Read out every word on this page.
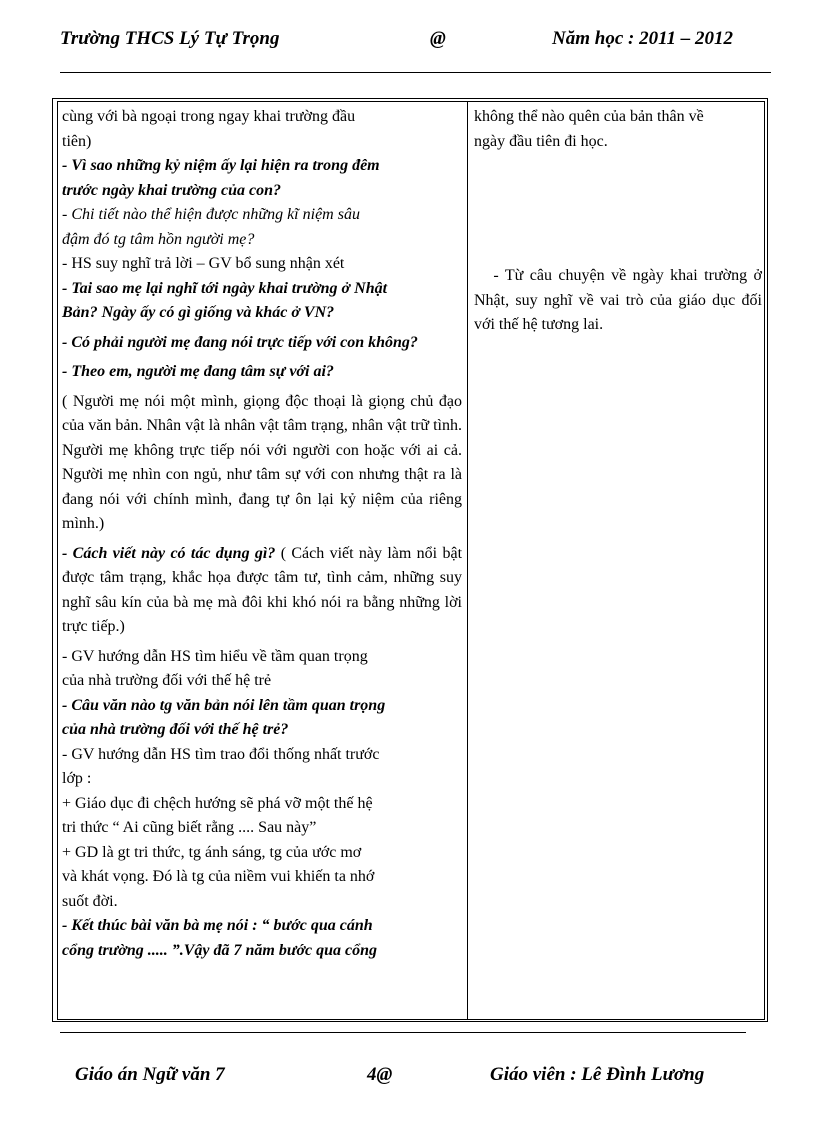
Trường THCS Lý Tự Trọng	@	Năm học : 2011 – 2012

cùng với bà ngoại trong ngay khai trường đầu

tiên)

- Vì sao những kỷ niệm ấy lại hiện ra trong đêm

trước ngày khai trường của con?

- Chi tiết nào thể hiện được những kĩ niệm sâu

đậm đó tg tâm hồn người mẹ?

- HS suy nghĩ trả lời – GV bổ sung nhận xét

- Tai sao mẹ lại nghĩ tới ngày khai trường ở Nhật

Bản? Ngày ấy có gì giống và khác ở VN?

- Có phải người mẹ đang nói trực tiếp với con không?

- Theo em, người mẹ đang tâm sự với ai?

( Người mẹ nói một mình, giọng độc thoại là giọng chủ đạo của văn bản. Nhân vật là nhân vật tâm trạng, nhân vật trữ tình. Người mẹ không trực tiếp nói với người con hoặc với ai cả. Người mẹ nhìn con ngủ, như tâm sự với con nhưng thật ra là đang nói với chính mình, đang tự ôn lại kỷ niệm của riêng mình.)

- Cách viết này có tác dụng gì? ( Cách viết này làm nổi bật được tâm trạng, khắc họa được tâm tư, tình cảm, những suy nghĩ sâu kín của bà mẹ mà đôi khi khó nói ra bằng những lời trực tiếp.)

- GV hướng dẫn HS tìm hiểu về tầm quan trọng

của nhà trường đối với thế hệ trẻ

- Câu văn nào tg văn bản nói lên tầm quan trọng

của nhà trường đối với thế hệ trẻ?

- GV hướng dẫn HS tìm trao đổi thống nhất trước

lớp :

+ Giáo dục đi chệch hướng sẽ phá vỡ một thế hệ

tri thức “ Ai cũng biết rằng .... Sau này”

+ GD là gt tri thức, tg ánh sáng, tg của ước mơ

và khát vọng. Đó là tg của niềm vui khiến ta nhớ

suốt đời.

- Kết thúc bài văn bà mẹ nói : “ bước qua cánh

cổng trường ..... ”.Vậy đã 7 năm bước qua cổng

không thể nào quên của bản thân về

ngày đầu tiên đi học.

- Từ câu chuyện về ngày khai trường ở Nhật, suy nghĩ về vai trò của giáo dục đối với thế hệ tương lai.

Giáo án Ngữ văn 7	4@	Giáo viên : Lê Đình Lương
